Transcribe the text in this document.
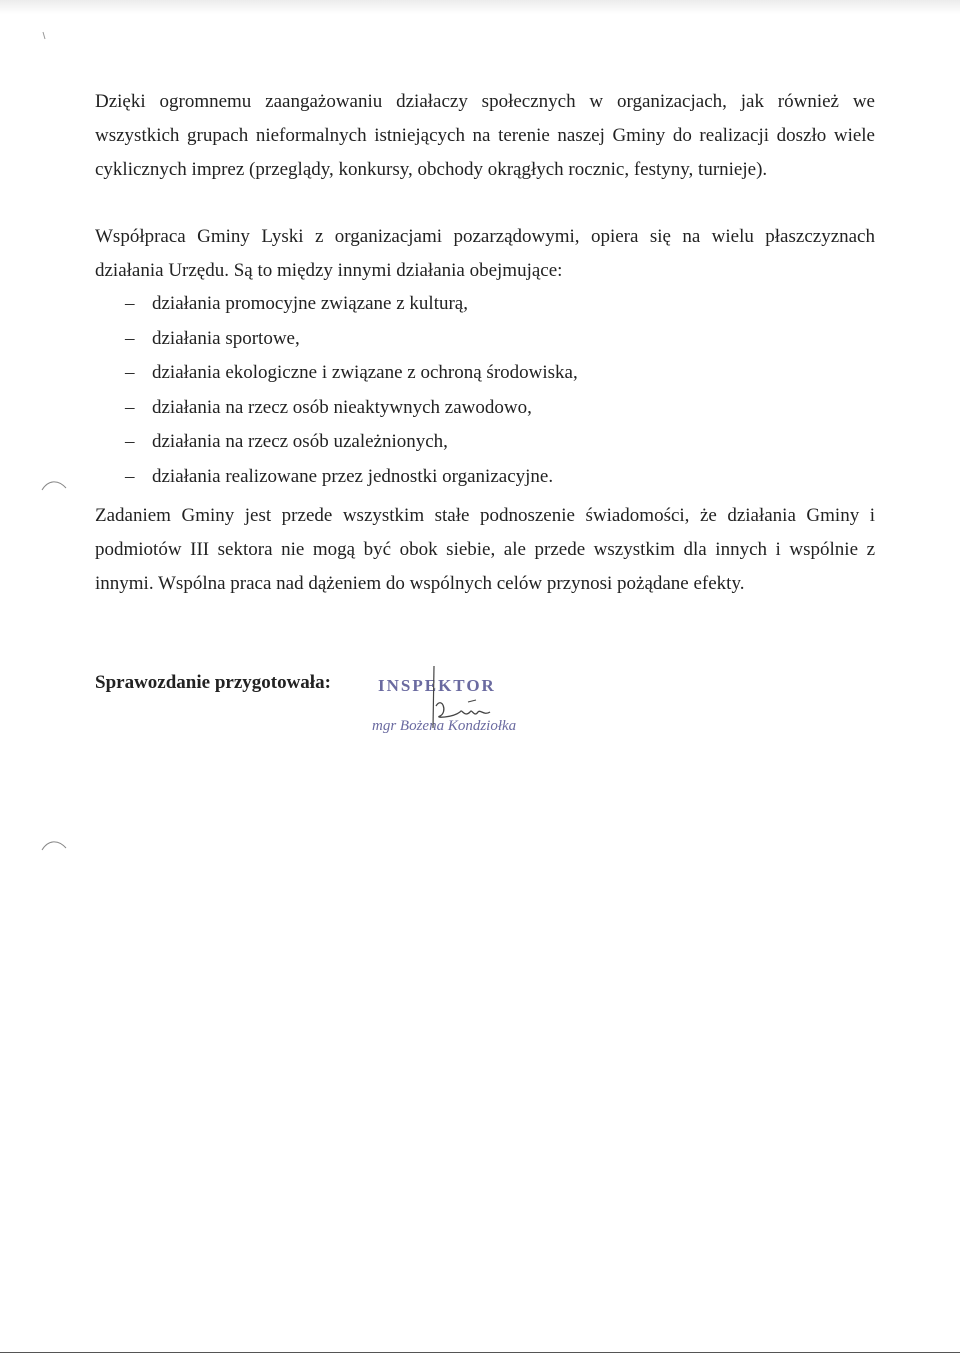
Dzięki ogromnemu zaangażowaniu działaczy społecznych w organizacjach, jak również we wszystkich grupach nieformalnych istniejących na terenie naszej Gminy do realizacji doszło wiele cyklicznych imprez (przeglądy, konkursy, obchody okrągłych rocznic, festyny, turnieje).

Współpraca Gminy Lyski z organizacjami pozarządowymi, opiera się na wielu płaszczyznach działania Urzędu. Są to między innymi działania obejmujące:

– działania promocyjne związane z kulturą,
– działania sportowe,
– działania ekologiczne i związane z ochroną środowiska,
– działania na rzecz osób nieaktywnych zawodowo,
– działania na rzecz osób uzależnionych,
– działania realizowane przez jednostki organizacyjne.

Zadaniem Gminy jest przede wszystkim stałe podnoszenie świadomości, że działania Gminy i podmiotów III sektora nie mogą być obok siebie, ale przede wszystkim dla innych i wspólnie z innymi. Wspólna praca nad dążeniem do wspólnych celów przynosi pożądane efekty.

Sprawozdanie przygotowała:	INSPEKTOR
mgr Bożena Kondziołka
